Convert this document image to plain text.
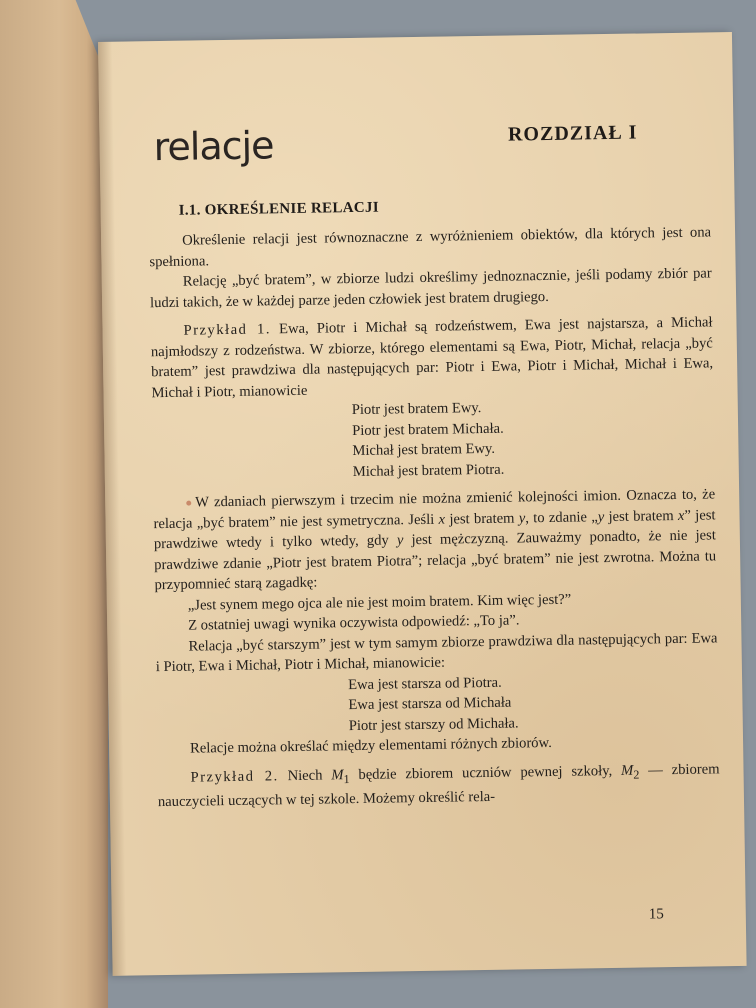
relacje	ROZDZIAŁ I
I.1. OKREŚLENIE RELACJI

Określenie relacji jest równoznaczne z wyróżnieniem obiektów, dla których jest ona spełniona.

Relację „być bratem”, w zbiorze ludzi określimy jednoznacznie, jeśli podamy zbiór par ludzi takich, że w każdej parze jeden człowiek jest bratem drugiego.

Przykład 1. Ewa, Piotr i Michał są rodzeństwem, Ewa jest najstarsza, a Michał najmłodszy z rodzeństwa. W zbiorze, którego elementami są Ewa, Piotr, Michał, relacja „być bratem” jest prawdziwa dla następujących par: Piotr i Ewa, Piotr i Michał, Michał i Ewa, Michał i Piotr, mianowicie

Piotr jest bratem Ewy.

Piotr jest bratem Michała.

Michał jest bratem Ewy.

Michał jest bratem Piotra.

W zdaniach pierwszym i trzecim nie można zmienić kolejności imion. Oznacza to, że relacja „być bratem” nie jest symetryczna. Jeśli x jest bratem y, to zdanie „y jest bratem x” jest prawdziwe wtedy i tylko wtedy, gdy y jest mężczyzną. Zauważmy ponadto, że nie jest prawdziwe zdanie „Piotr jest bratem Piotra”; relacja „być bratem” nie jest zwrotna. Można tu przypomnieć starą zagadkę:

„Jest synem mego ojca ale nie jest moim bratem. Kim więc jest?”

Z ostatniej uwagi wynika oczywista odpowiedź: „To ja”.

Relacja „być starszym” jest w tym samym zbiorze prawdziwa dla następujących par: Ewa i Piotr, Ewa i Michał, Piotr i Michał, mianowicie:

Ewa jest starsza od Piotra.

Ewa jest starsza od Michała

Piotr jest starszy od Michała.

Relacje można określać między elementami różnych zbiorów.

Przykład 2. Niech $M_1$ będzie zbiorem uczniów pewnej szkoły, $M_2$ — zbiorem nauczycieli uczących w tej szkole. Możemy określić rela-

15
